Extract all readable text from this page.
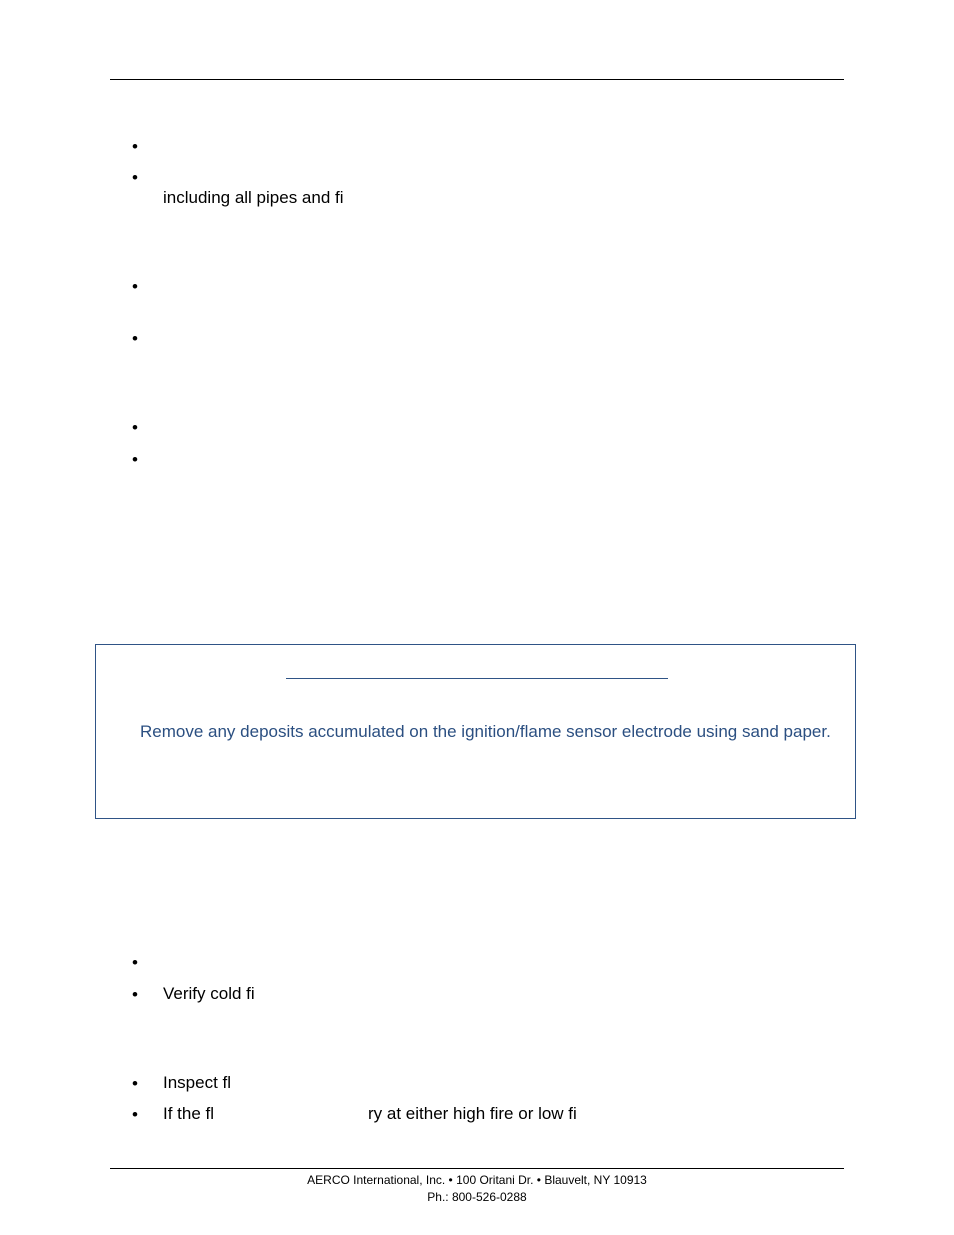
•
•
including all pipes and fi
•
•
•
•
Remove any deposits accumulated on the ignition/flame sensor electrode using sand paper.
•
• Verify cold fi
• Inspect fl
• If the fl	ry at either high fire or low fi
AERCO International, Inc. • 100 Oritani Dr. • Blauvelt, NY 10913
Ph.: 800-526-0288
